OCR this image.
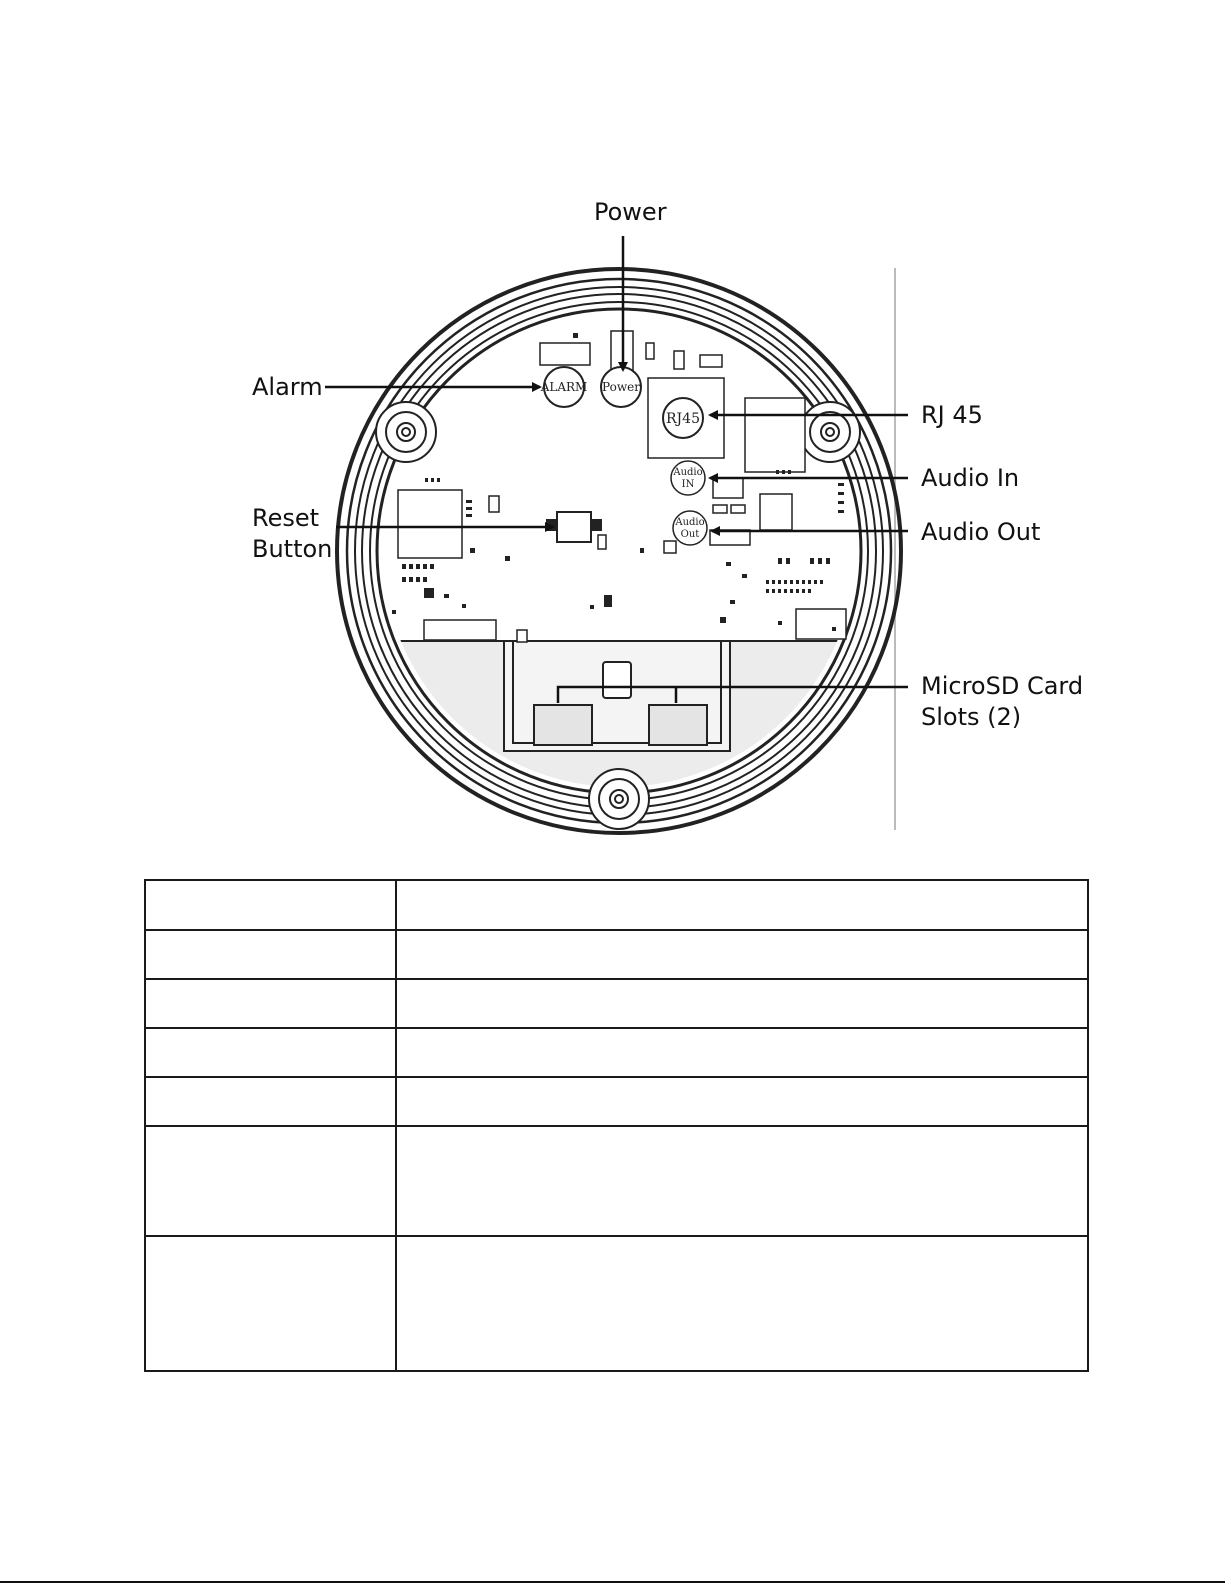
ALARM Power
RJ45
Audio
IN
Audio
Out
Power
Alarm
RJ 45
Audio In
Reset
Button
Audio Out
MicroSD Card
Slots (2)
